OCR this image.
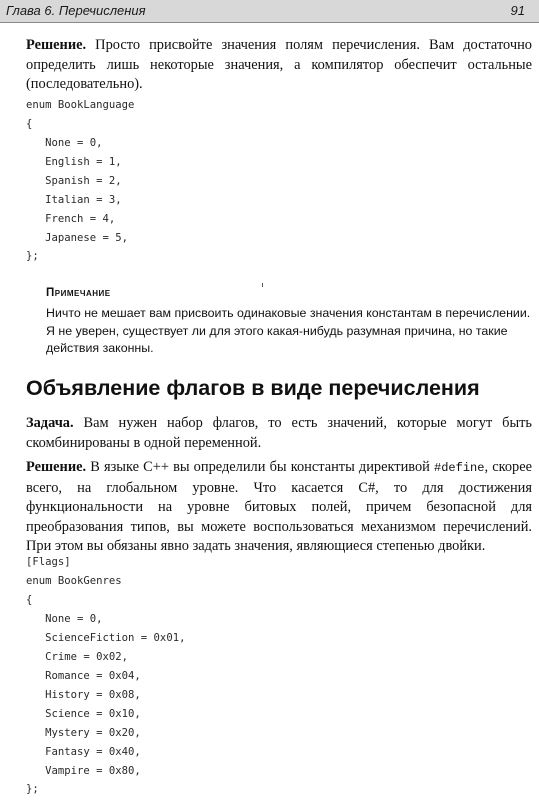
Глава 6. Перечисления	91

Решение. Просто присвойте значения полям перечисления. Вам достаточно определить лишь некоторые значения, а компилятор обеспечит остальные (последовательно).

enum BookLanguage
{
None = 0,
English = 1,
Spanish = 2,
Italian = 3,
French = 4,
Japanese = 5,
};
Примечание

Ничто не мешает вам присвоить одинаковые значения константам в перечислении. Я не уверен, существует ли для этого какая-нибудь разумная причина, но такие действия законны.

Объявление флагов в виде перечисления

Задача. Вам нужен набор флагов, то есть значений, которые могут быть скомбинированы в одной переменной.

Решение. В языке C++ вы определили бы константы директивой #define, скорее всего, на глобальном уровне. Что касается C#, то для достижения функциональности на уровне битовых полей, причем безопасной для преобразования типов, вы можете воспользоваться механизмом перечислений. При этом вы обязаны явно задать значения, являющиеся степенью двойки.

[Flags]
enum BookGenres
{
None = 0,
ScienceFiction = 0x01,
Crime = 0x02,
Romance = 0x04,
History = 0x08,
Science = 0x10,
Mystery = 0x20,
Fantasy = 0x40,
Vampire = 0x80,
};
